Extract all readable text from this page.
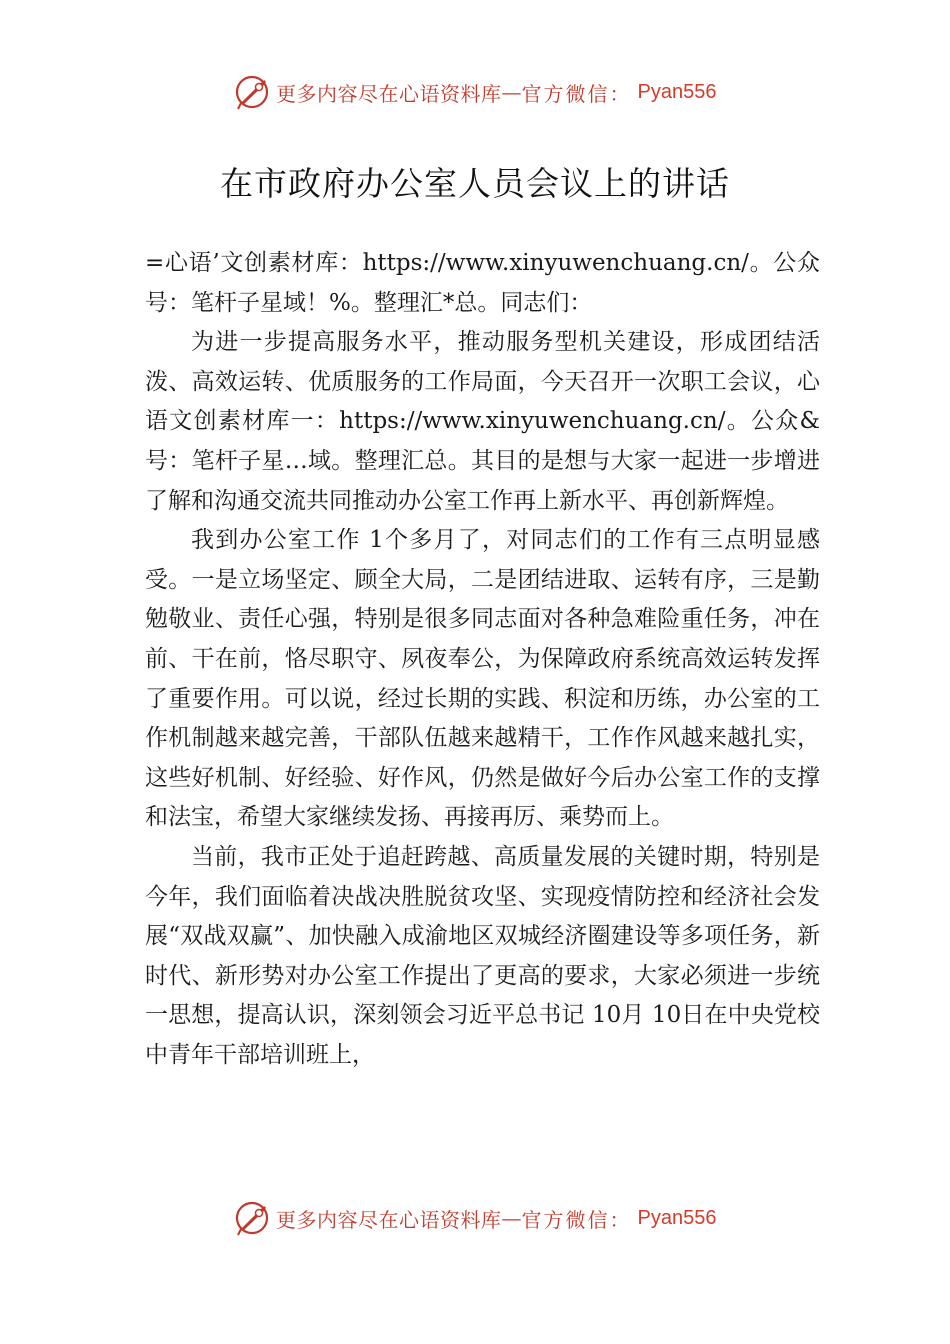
更多内容尽在心语资料库 — 官方微信： Pyan556
在市政府办公室人员会议上的讲话

=心语’文创素材库：https://www.xinyuwenchuang.cn/。公众号：笔杆子星域！%。整理汇*总。同志们：

为进一步提高服务水平，推动服务型机关建设，形成团结活泼、高效运转、优质服务的工作局面，今天召开一次职工会议，心语文创素材库一：https://www.xinyuwenchuang.cn/。公众&号：笔杆子星…域。整理汇总。其目的是想与大家一起进一步增进了解和沟通交流共同推动办公室工作再上新水平、再创新辉煌。

我到办公室工作 1个多月了，对同志们的工作有三点明显感受。一是立场坚定、顾全大局，二是团结进取、运转有序，三是勤勉敬业、责任心强，特别是很多同志面对各种急难险重任务，冲在前、干在前，恪尽职守、夙夜奉公，为保障政府系统高效运转发挥了重要作用。可以说，经过长期的实践、积淀和历练，办公室的工作机制越来越完善，干部队伍越来越精干，工作作风越来越扎实，这些好机制、好经验、好作风，仍然是做好今后办公室工作的支撑和法宝，希望大家继续发扬、再接再厉、乘势而上。

当前，我市正处于追赶跨越、高质量发展的关键时期，特别是今年，我们面临着决战决胜脱贫攻坚、实现疫情防控和经济社会发展“双战双赢”、加快融入成渝地区双城经济圈建设等多项任务，新时代、新形势对办公室工作提出了更高的要求，大家必须进一步统一思想，提高认识，深刻领会习近平总书记 10月 10日在中央党校中青年干部培训班上，

更多内容尽在心语资料库 — 官方微信： Pyan556
